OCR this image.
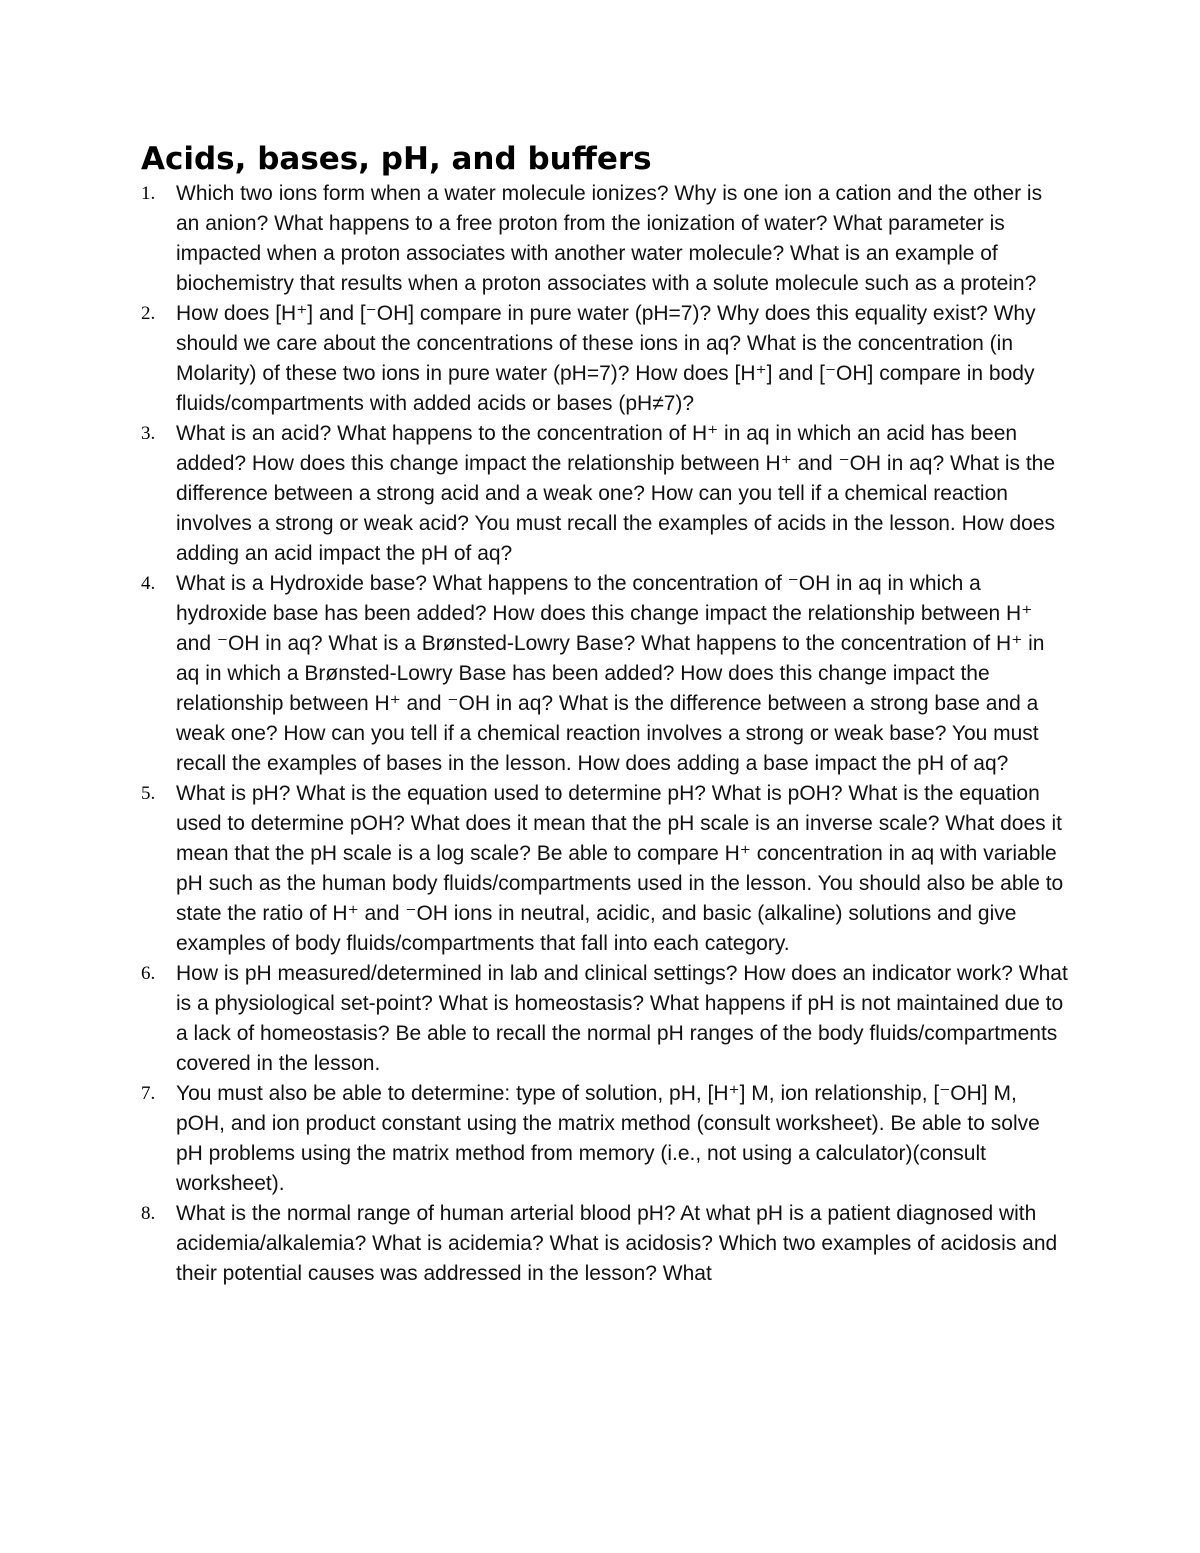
Acids, bases, pH, and buffers
1. Which two ions form when a water molecule ionizes? Why is one ion a cation and the other is an anion? What happens to a free proton from the ionization of water? What parameter is impacted when a proton associates with another water molecule? What is an example of biochemistry that results when a proton associates with a solute molecule such as a protein?
2. How does [H⁺] and [⁻OH] compare in pure water (pH=7)? Why does this equality exist? Why should we care about the concentrations of these ions in aq? What is the concentration (in Molarity) of these two ions in pure water (pH=7)? How does [H⁺] and [⁻OH] compare in body fluids/compartments with added acids or bases (pH≠7)?
3. What is an acid? What happens to the concentration of H⁺ in aq in which an acid has been added? How does this change impact the relationship between H⁺ and ⁻OH in aq? What is the difference between a strong acid and a weak one? How can you tell if a chemical reaction involves a strong or weak acid? You must recall the examples of acids in the lesson. How does adding an acid impact the pH of aq?
4. What is a Hydroxide base? What happens to the concentration of ⁻OH in aq in which a hydroxide base has been added? How does this change impact the relationship between H⁺ and ⁻OH in aq? What is a Brønsted-Lowry Base? What happens to the concentration of H⁺ in aq in which a Brønsted-Lowry Base has been added? How does this change impact the relationship between H⁺ and ⁻OH in aq? What is the difference between a strong base and a weak one? How can you tell if a chemical reaction involves a strong or weak base? You must recall the examples of bases in the lesson. How does adding a base impact the pH of aq?
5. What is pH? What is the equation used to determine pH? What is pOH? What is the equation used to determine pOH? What does it mean that the pH scale is an inverse scale? What does it mean that the pH scale is a log scale? Be able to compare H⁺ concentration in aq with variable pH such as the human body fluids/compartments used in the lesson. You should also be able to state the ratio of H⁺ and ⁻OH ions in neutral, acidic, and basic (alkaline) solutions and give examples of body fluids/compartments that fall into each category.
6. How is pH measured/determined in lab and clinical settings? How does an indicator work? What is a physiological set-point? What is homeostasis? What happens if pH is not maintained due to a lack of homeostasis? Be able to recall the normal pH ranges of the body fluids/compartments covered in the lesson.
7. You must also be able to determine: type of solution, pH, [H⁺] M, ion relationship, [⁻OH] M, pOH, and ion product constant using the matrix method (consult worksheet). Be able to solve pH problems using the matrix method from memory (i.e., not using a calculator)(consult worksheet).
8. What is the normal range of human arterial blood pH? At what pH is a patient diagnosed with acidemia/alkalemia? What is acidemia? What is acidosis? Which two examples of acidosis and their potential causes was addressed in the lesson? What
